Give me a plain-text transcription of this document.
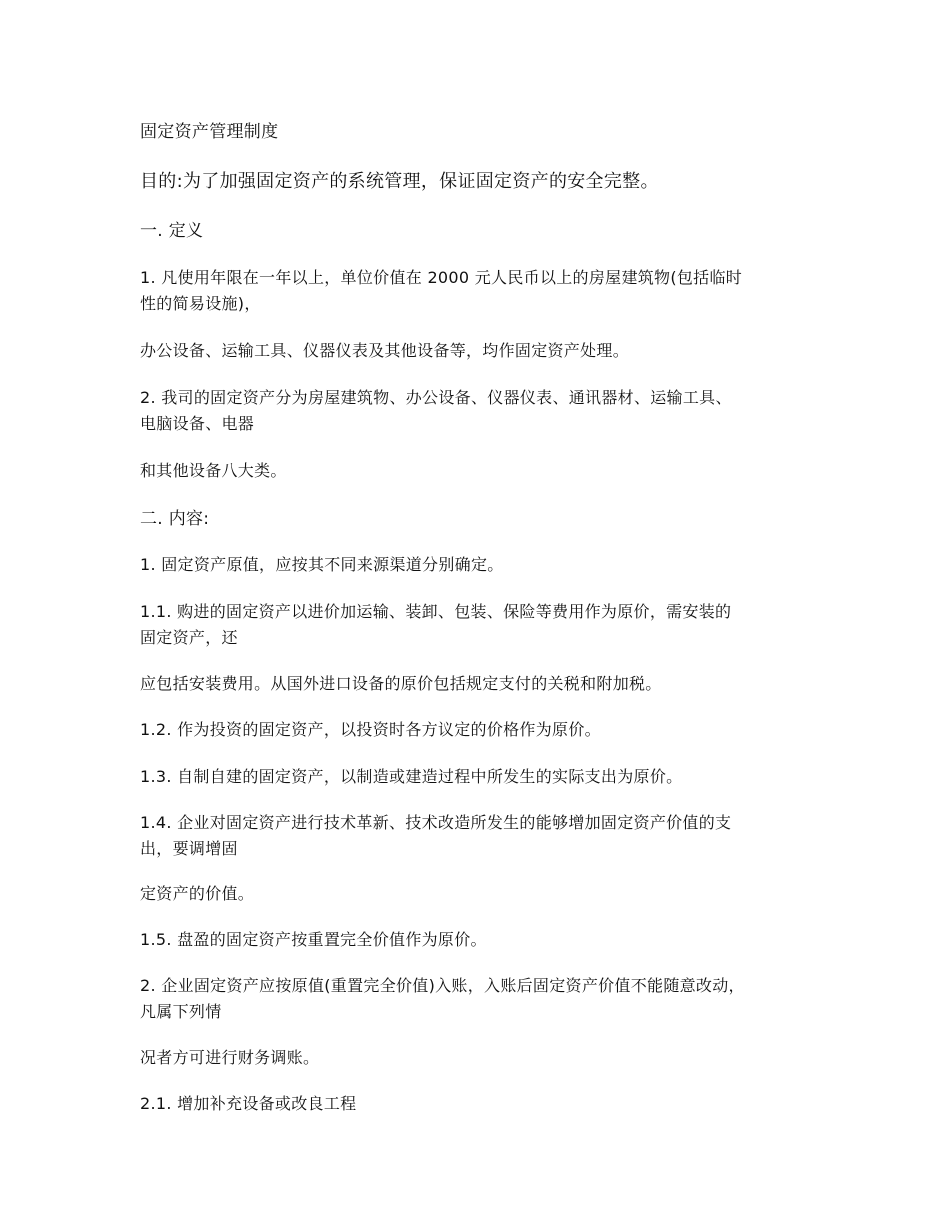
固定资产管理制度
目的:为了加强固定资产的系统管理，保证固定资产的安全完整。
一. 定义
1. 凡使用年限在一年以上，单位价值在 2000 元人民币以上的房屋建筑物(包括临时
性的简易设施)，
办公设备、运输工具、仪器仪表及其他设备等，均作固定资产处理。
2. 我司的固定资产分为房屋建筑物、办公设备、仪器仪表、通讯器材、运输工具、
电脑设备、电器
和其他设备八大类。
二. 内容:
1. 固定资产原值，应按其不同来源渠道分别确定。
1.1. 购进的固定资产以进价加运输、装卸、包装、保险等费用作为原价，需安装的
固定资产，还
应包括安装费用。从国外进口设备的原价包括规定支付的关税和附加税。
1.2. 作为投资的固定资产，以投资时各方议定的价格作为原价。
1.3. 自制自建的固定资产，以制造或建造过程中所发生的实际支出为原价。
1.4. 企业对固定资产进行技术革新、技术改造所发生的能够增加固定资产价值的支
出，要调增固
定资产的价值。
1.5. 盘盈的固定资产按重置完全价值作为原价。
2. 企业固定资产应按原值(重置完全价值)入账，入账后固定资产价值不能随意改动，
凡属下列情
况者方可进行财务调账。
2.1. 增加补充设备或改良工程
